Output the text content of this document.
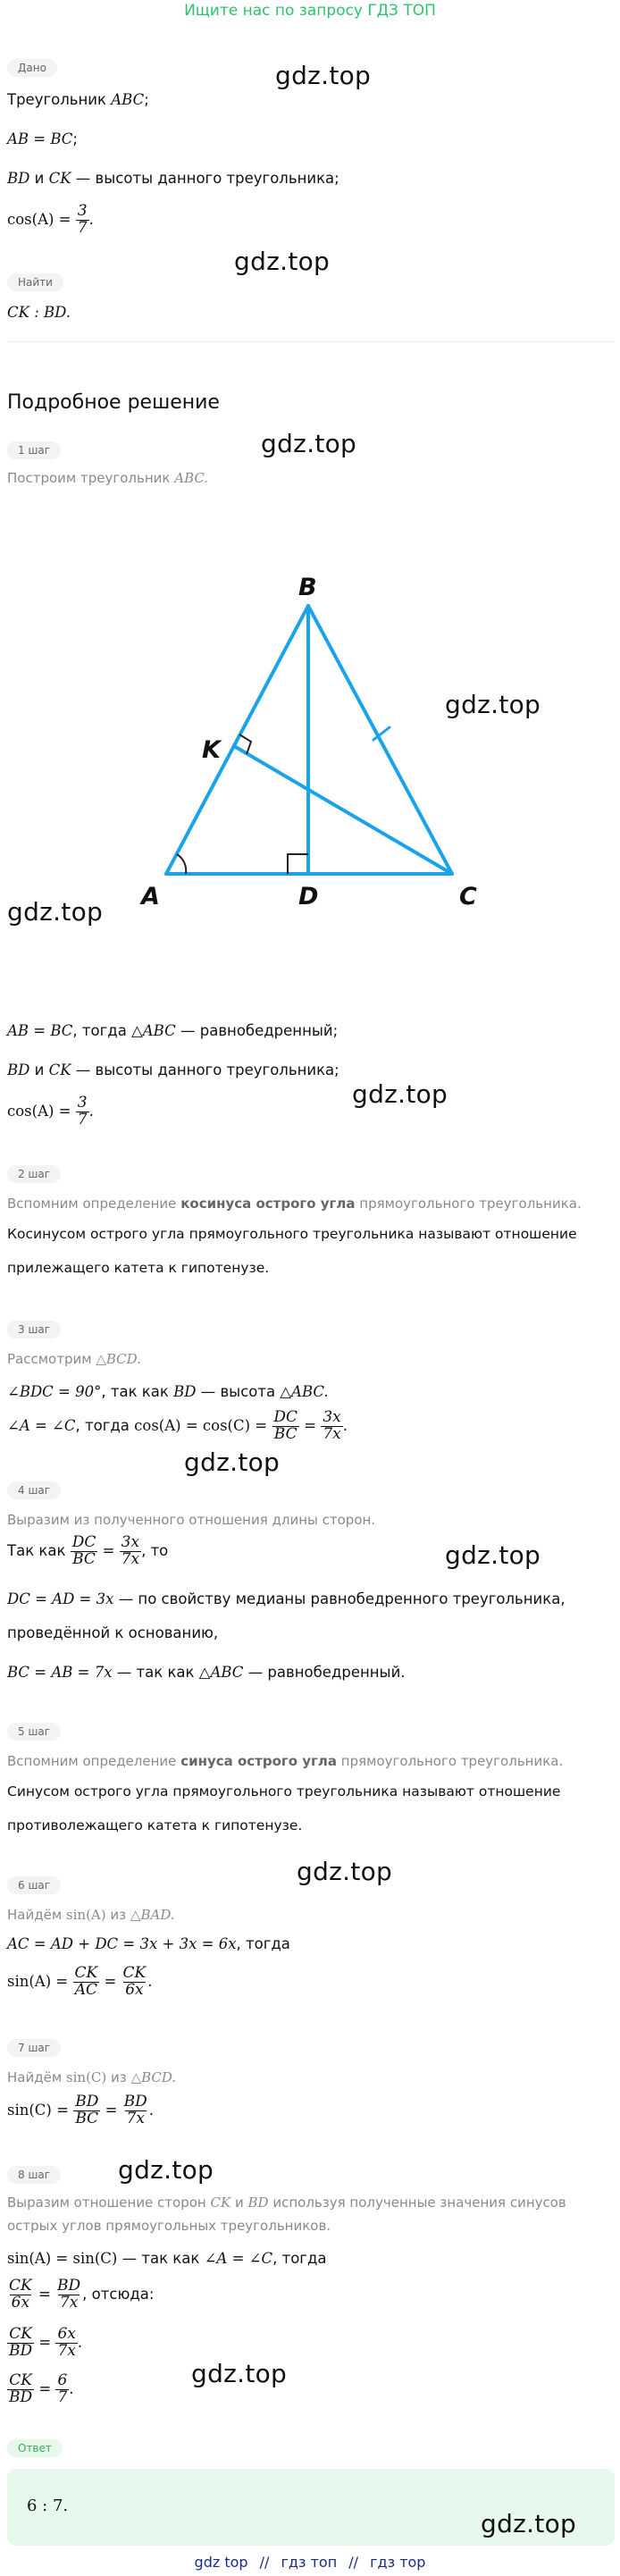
Ищите нас по запросу ГДЗ ТОП
Дано	gdz.top
Треугольник ABC;
AB = BC;
BD и CK — высоты данного треугольника;
$\cos(A) = \frac{3}{7}$ .
gdz.top
Найти
CK : BD.
Подробное решение
1 шаг	gdz.top
Построим треугольник ABC.
B
A	D	C
K
gdz.top
gdz.top
AB = BC, тогда △ABC — равнобедренный;
BD и CK — высоты данного треугольника;
gdz.top
$\cos(A) = \frac{3}{7}$ .
2 шаг
Вспомним определение косинуса острого угла прямоугольного треугольника.
Косинусом острого угла прямоугольного треугольника называют отношение
прилежащего катета к гипотенузе.
3 шаг
Рассмотрим △BCD.
∠BDC = 90°, так как BD — высота △ABC.
∠A = ∠C, тогда $\cos(A) = \cos(C) = \frac{DC}{BC} = \frac{3x}{7x}$ .
gdz.top
4 шаг
Выразим из полученного отношения длины сторон.
Так как $\frac{DC}{BC} = \frac{3x}{7x}$ , то	gdz.top
DC = AD = 3x — по свойству медианы равнобедренного треугольника,
проведённой к основанию,
BC = AB = 7x — так как △ABC — равнобедренный.
5 шаг
Вспомним определение синуса острого угла прямоугольного треугольника.
Синусом острого угла прямоугольного треугольника называют отношение
противолежащего катета к гипотенузе.
gdz.top
6 шаг
Найдём sin(A) из △BAD.
AC = AD + DC = 3x + 3x = 6x, тогда
$\sin(A) = \frac{CK}{AC} = \frac{CK}{6x}$ .
7 шаг
Найдём sin(C) из △BCD.
$\sin(C) = \frac{BD}{BC} = \frac{BD}{7x}$ .
8 шаг	gdz.top
Выразим отношение сторон CK и BD используя полученные значения синусов
острых углов прямоугольных треугольников.
sin(A) = sin(C) — так как ∠A = ∠C, тогда
$\frac{CK}{6x} = \frac{BD}{7x}$ , отсюда:
$\frac{CK}{BD} = \frac{6x}{7x}$ .
gdz.top
$\frac{CK}{BD} = \frac{6}{7}$ .
Ответ
6 : 7.
gdz.top
gdz top // гдз топ // гдз тор
